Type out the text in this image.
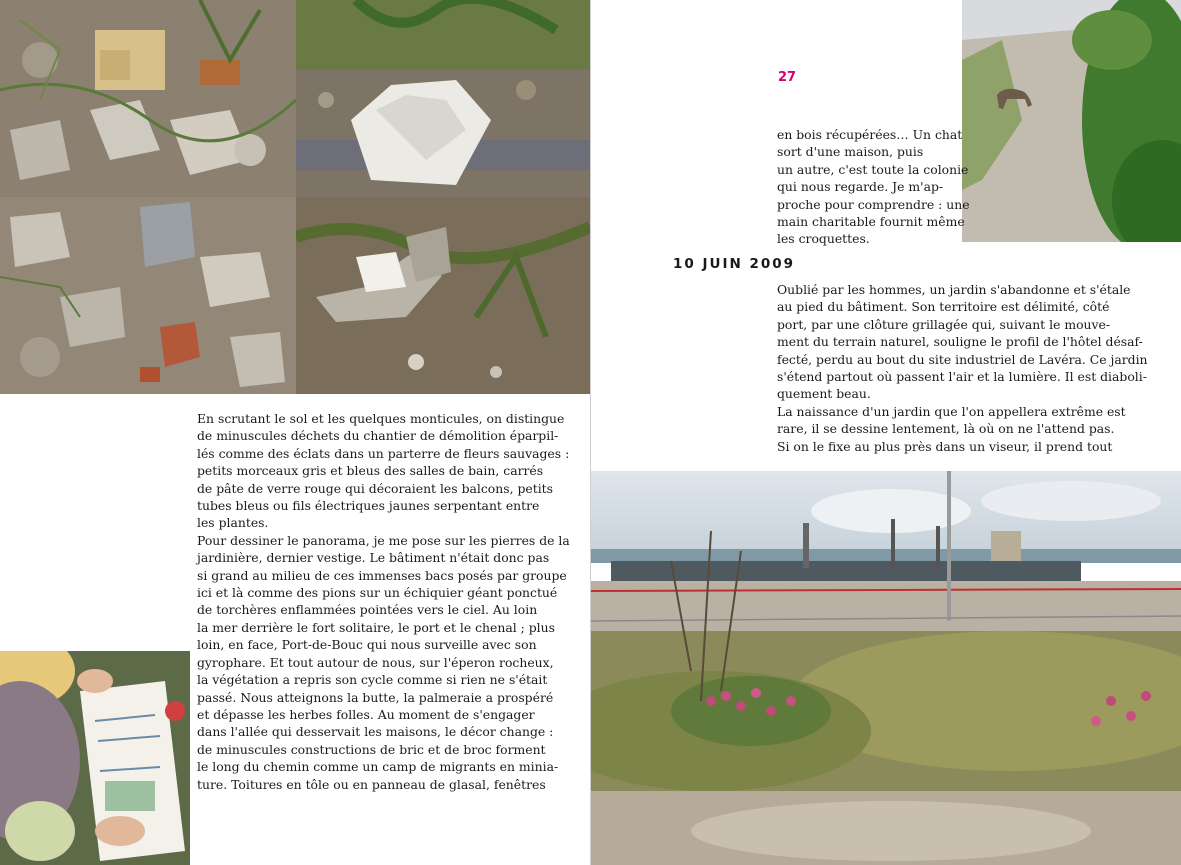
27

en bois récupérées… Un chat

sort d'une maison, puis

un autre, c'est toute la colonie

qui nous regarde. Je m'ap-

proche pour comprendre : une

main charitable fournit même

les croquettes.

10 JUIN 2009

Oublié par les hommes, un jardin s'abandonne et s'étale

au pied du bâtiment. Son territoire est délimité, côté

port, par une clôture grillagée qui, suivant le mouve-

ment du terrain naturel, souligne le profil de l'hôtel désaf-

fecté, perdu au bout du site industriel de Lavéra. Ce jardin

s'étend partout où passent l'air et la lumière. Il est diaboli-

quement beau.

La naissance d'un jardin que l'on appellera extrême est

rare, il se dessine lentement, là où on ne l'attend pas.

Si on le fixe au plus près dans un viseur, il prend tout

En scrutant le sol et les quelques monticules, on distingue

de minuscules déchets du chantier de démolition éparpil-

lés comme des éclats dans un parterre de fleurs sauvages :

petits morceaux gris et bleus des salles de bain, carrés

de pâte de verre rouge qui décoraient les balcons, petits

tubes bleus ou fils électriques jaunes serpentant entre

les plantes.

Pour dessiner le panorama, je me pose sur les pierres de la

jardinière, dernier vestige. Le bâtiment n'était donc pas

si grand au milieu de ces immenses bacs posés par groupe

ici et là comme des pions sur un échiquier géant ponctué

de torchères enflammées pointées vers le ciel. Au loin

la mer derrière le fort solitaire, le port et le chenal ; plus

loin, en face, Port-de-Bouc qui nous surveille avec son

gyrophare. Et tout autour de nous, sur l'éperon rocheux,

la végétation a repris son cycle comme si rien ne s'était

passé. Nous atteignons la butte, la palmeraie a prospéré

et dépasse les herbes folles. Au moment de s'engager

dans l'allée qui desservait les maisons, le décor change :

de minuscules constructions de bric et de broc forment

le long du chemin comme un camp de migrants en minia-

ture. Toitures en tôle ou en panneau de glasal, fenêtres
